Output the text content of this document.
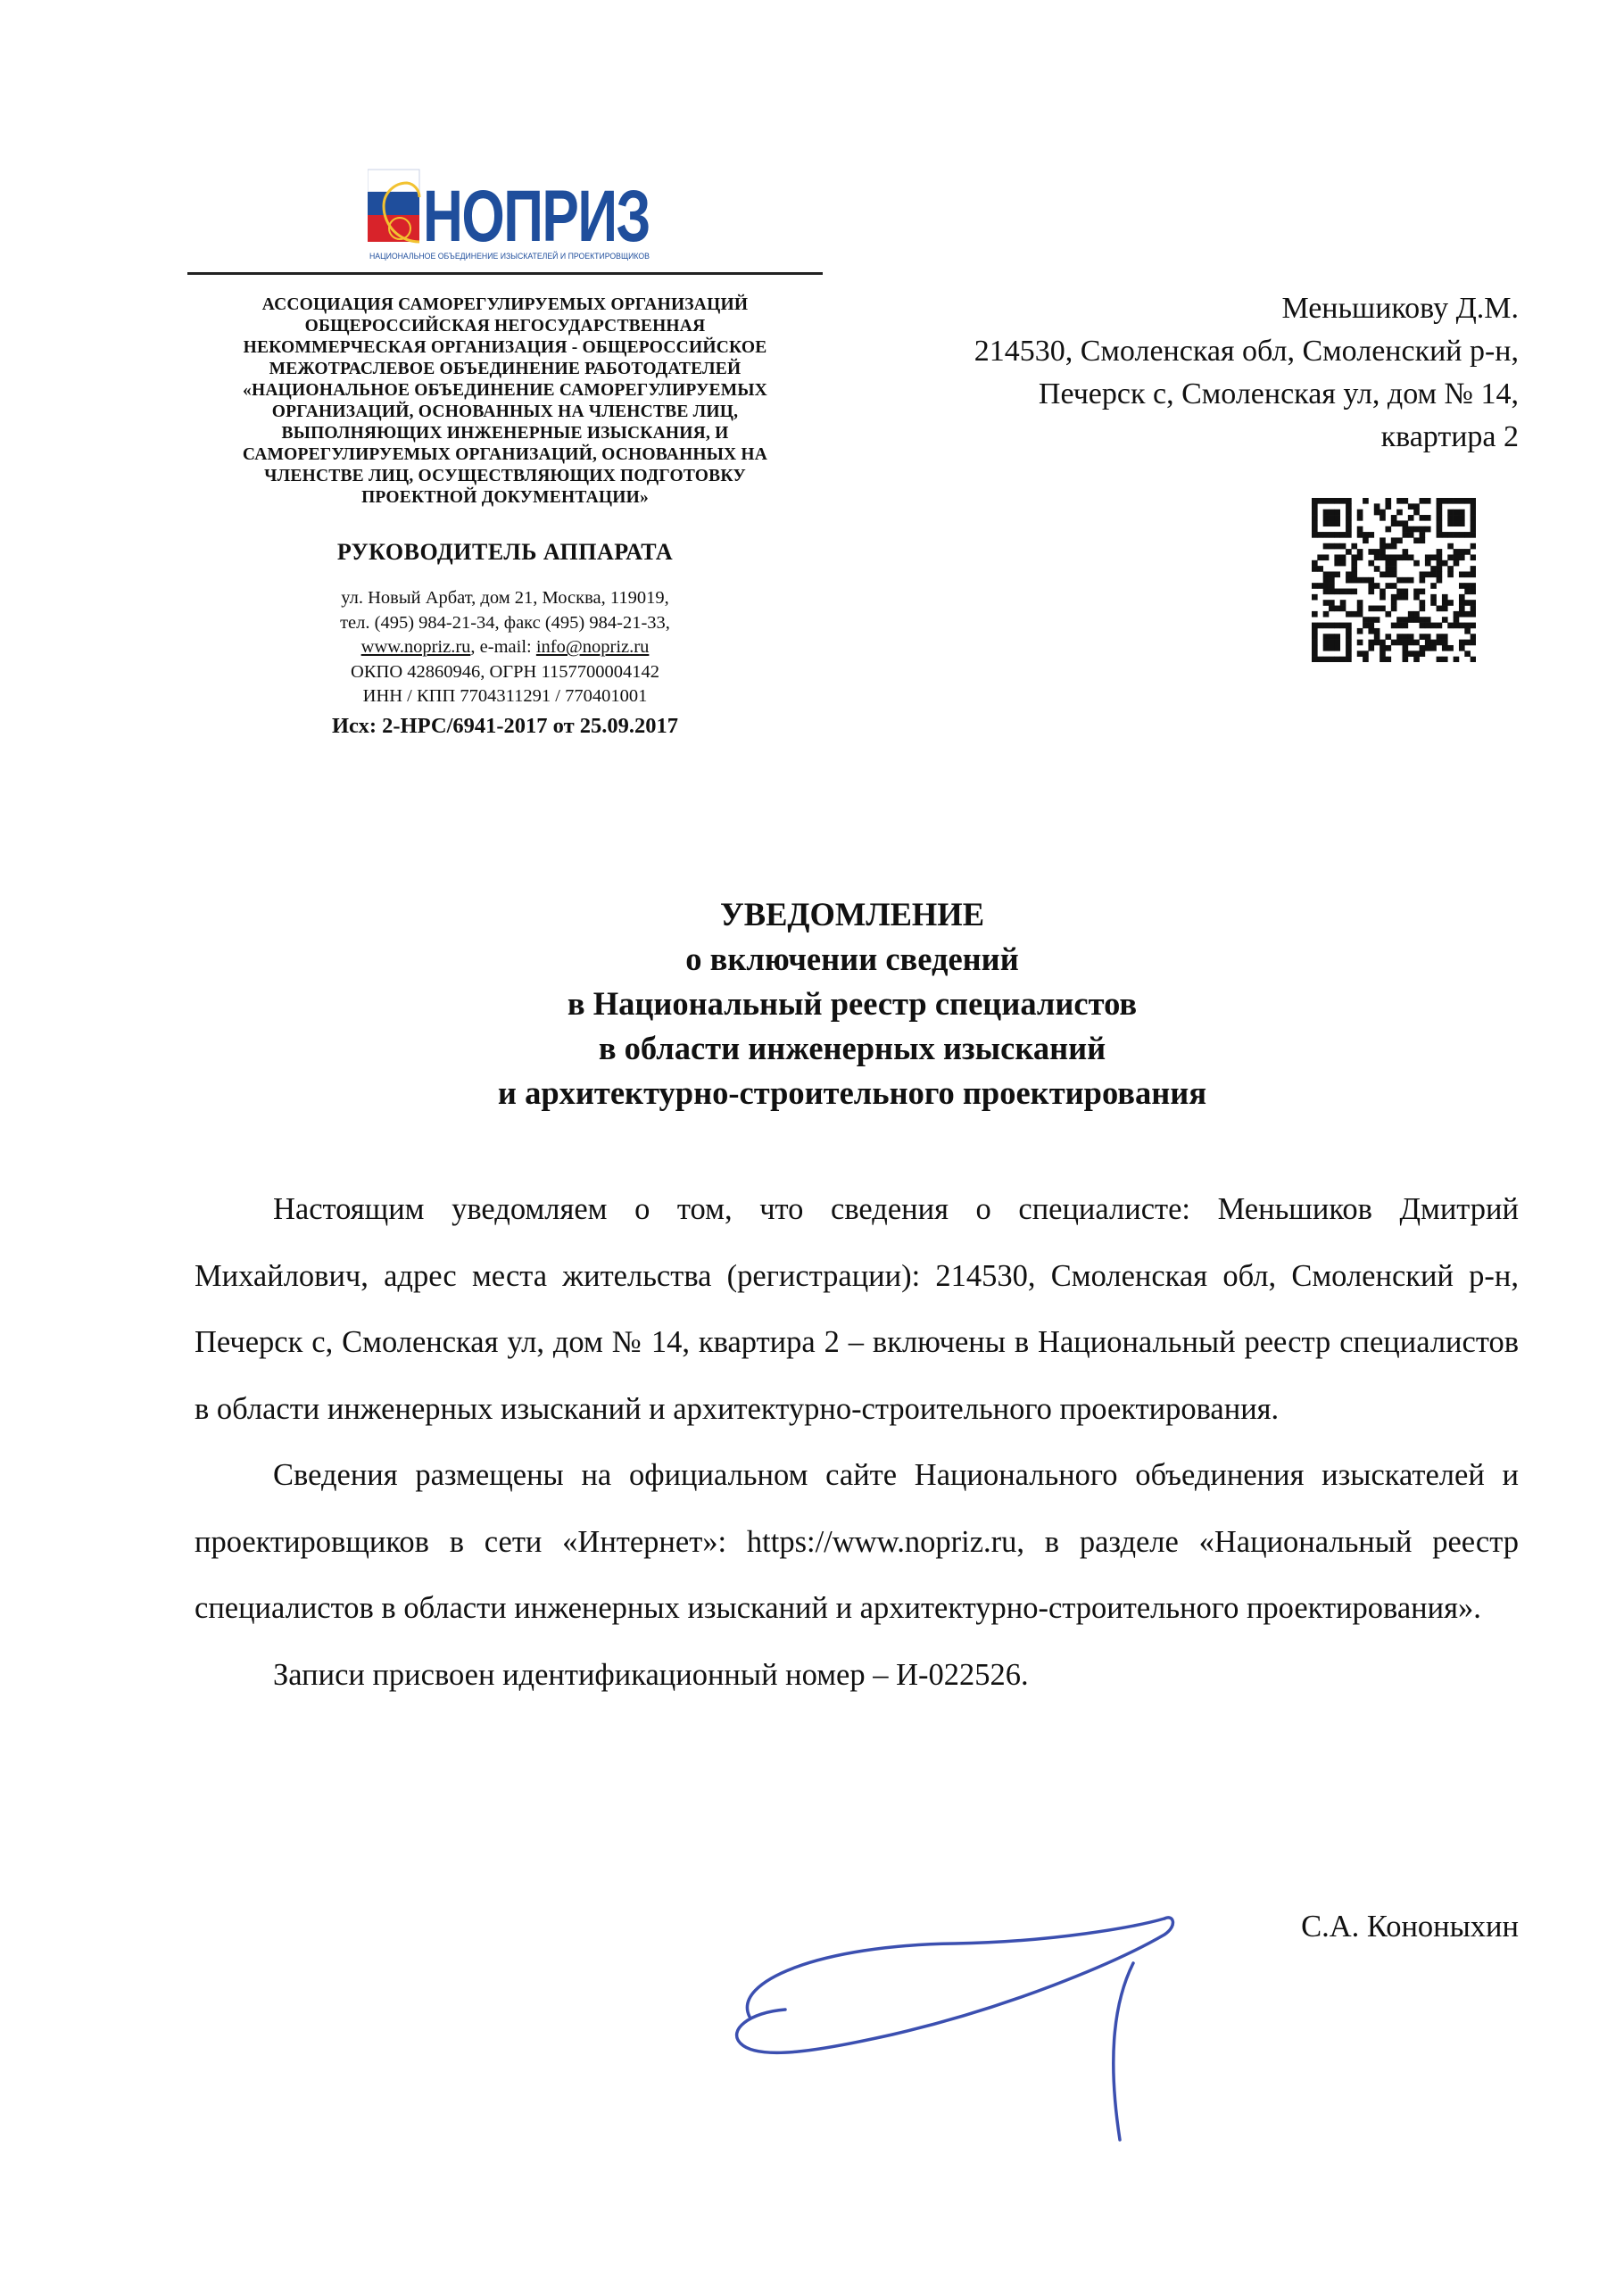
НОПРИЗ
НАЦИОНАЛЬНОЕ ОБЪЕДИНЕНИЕ ИЗЫСКАТЕЛЕЙ И ПРОЕКТИРОВЩИКОВ
АССОЦИАЦИЯ САМОРЕГУЛИРУЕМЫХ ОРГАНИЗАЦИЙ
ОБЩЕРОССИЙСКАЯ НЕГОСУДАРСТВЕННАЯ
НЕКОММЕРЧЕСКАЯ ОРГАНИЗАЦИЯ - ОБЩЕРОССИЙСКОЕ
МЕЖОТРАСЛЕВОЕ ОБЪЕДИНЕНИЕ РАБОТОДАТЕЛЕЙ
«НАЦИОНАЛЬНОЕ ОБЪЕДИНЕНИЕ САМОРЕГУЛИРУЕМЫХ
ОРГАНИЗАЦИЙ, ОСНОВАННЫХ НА ЧЛЕНСТВЕ ЛИЦ,
ВЫПОЛНЯЮЩИХ ИНЖЕНЕРНЫЕ ИЗЫСКАНИЯ, И
САМОРЕГУЛИРУЕМЫХ ОРГАНИЗАЦИЙ, ОСНОВАННЫХ НА
ЧЛЕНСТВЕ ЛИЦ, ОСУЩЕСТВЛЯЮЩИХ ПОДГОТОВКУ
ПРОЕКТНОЙ ДОКУМЕНТАЦИИ»
РУКОВОДИТЕЛЬ АППАРАТА
ул. Новый Арбат, дом 21, Москва, 119019,
тел. (495) 984-21-34, факс (495) 984-21-33,
www.nopriz.ru, e-mail: info@nopriz.ru
ОКПО 42860946, ОГРН 1157700004142
ИНН / КПП 7704311291 / 770401001
Исх: 2-НРС/6941-2017 от 25.09.2017
Меньшикову Д.М.
214530, Смоленская обл, Смоленский р-н,
Печерск с, Смоленская ул, дом № 14,
квартира 2
УВЕДОМЛЕНИЕ
о включении сведений
в Национальный реестр специалистов
в области инженерных изысканий
и архитектурно-строительного проектирования

Настоящим уведомляем о том, что сведения о специалисте: Меньшиков Дмитрий Михайлович, адрес места жительства (регистрации): 214530, Смоленская обл, Смоленский р-н, Печерск с, Смоленская ул, дом № 14, квартира 2 – включены в Национальный реестр специалистов в области инженерных изысканий и архитектурно-строительного проектирования.

Сведения размещены на официальном сайте Национального объединения изыскателей и проектировщиков в сети «Интернет»: https://www.nopriz.ru, в разделе «Национальный реестр специалистов в области инженерных изысканий и архитектурно-строительного проектирования».

Записи присвоен идентификационный номер – И-022526.

С.А. Кононыхин
